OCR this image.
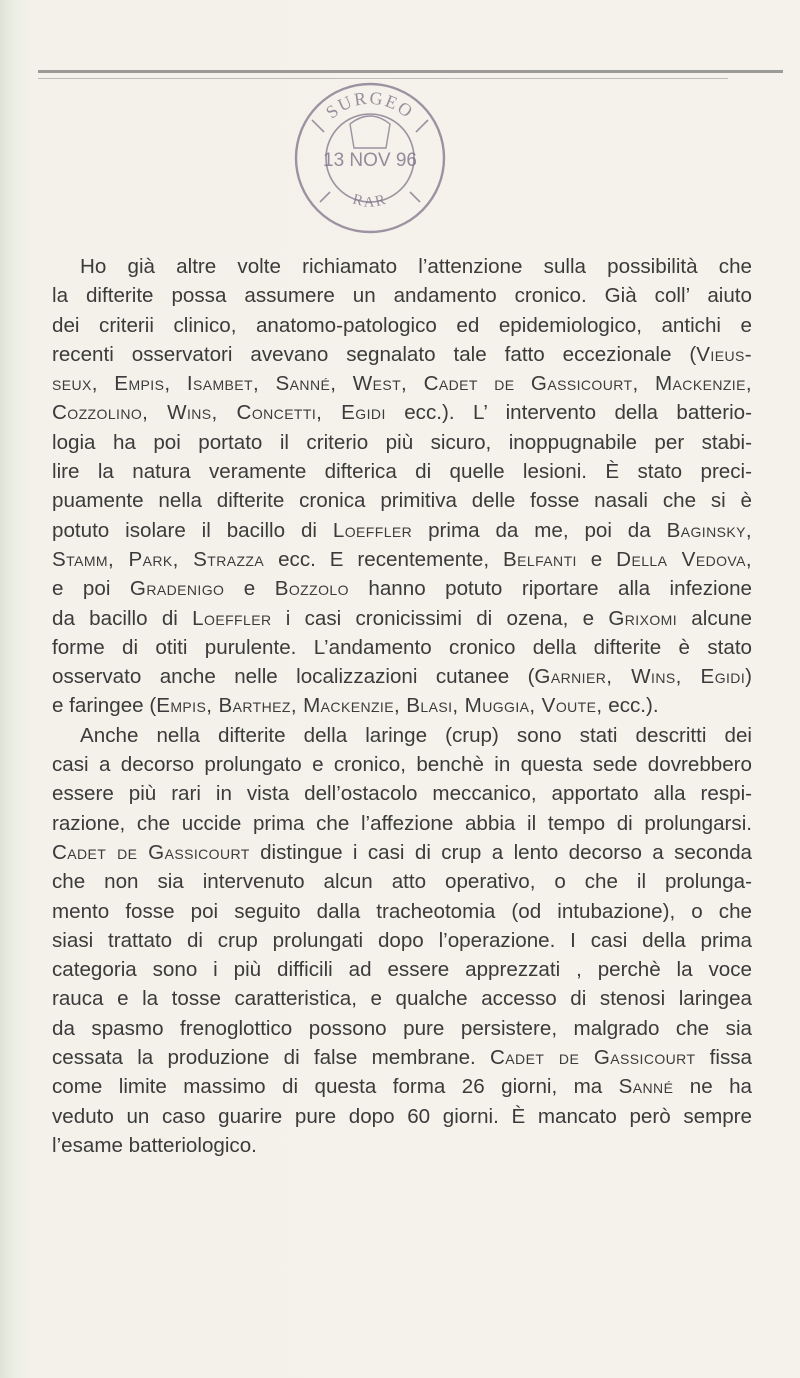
SURGEO
13 NOV 96
RAR
Ho già altre volte richiamato l’attenzione sulla possibilità che
la difterite possa assumere un andamento cronico. Già coll’ aiuto
dei criterii clinico, anatomo-patologico ed epidemiologico, antichi e
recenti osservatori avevano segnalato tale fatto eccezionale (Vieus-
seux, Empis, Isambet, Sanné, West, Cadet de Gassicourt, Mackenzie,
Cozzolino, Wins, Concetti, Egidi ecc.). L’ intervento della batterio-
logia ha poi portato il criterio più sicuro, inoppugnabile per stabi-
lire la natura veramente difterica di quelle lesioni. È stato preci-
puamente nella difterite cronica primitiva delle fosse nasali che si è
potuto isolare il bacillo di Loeffler prima da me, poi da Baginsky,
Stamm, Park, Strazza ecc. E recentemente, Belfanti e Della Vedova,
e poi Gradenigo e Bozzolo hanno potuto riportare alla infezione
da bacillo di Loeffler i casi cronicissimi di ozena, e Grixomi alcune
forme di otiti purulente. L’andamento cronico della difterite è stato
osservato anche nelle localizzazioni cutanee (Garnier, Wins, Egidi)
e faringee (Empis, Barthez, Mackenzie, Blasi, Muggia, Voute, ecc.).
Anche nella difterite della laringe (crup) sono stati descritti dei
casi a decorso prolungato e cronico, benchè in questa sede dovrebbero
essere più rari in vista dell’ostacolo meccanico, apportato alla respi-
razione, che uccide prima che l’affezione abbia il tempo di prolungarsi.
Cadet de Gassicourt distingue i casi di crup a lento decorso a seconda
che non sia intervenuto alcun atto operativo, o che il prolunga-
mento fosse poi seguito dalla tracheotomia (od intubazione), o che
siasi trattato di crup prolungati dopo l’operazione. I casi della prima
categoria sono i più difficili ad essere apprezzati , perchè la voce
rauca e la tosse caratteristica, e qualche accesso di stenosi laringea
da spasmo frenoglottico possono pure persistere, malgrado che sia
cessata la produzione di false membrane. Cadet de Gassicourt fissa
come limite massimo di questa forma 26 giorni, ma Sanné ne ha
veduto un caso guarire pure dopo 60 giorni. È mancato però sempre
l’esame batteriologico.
